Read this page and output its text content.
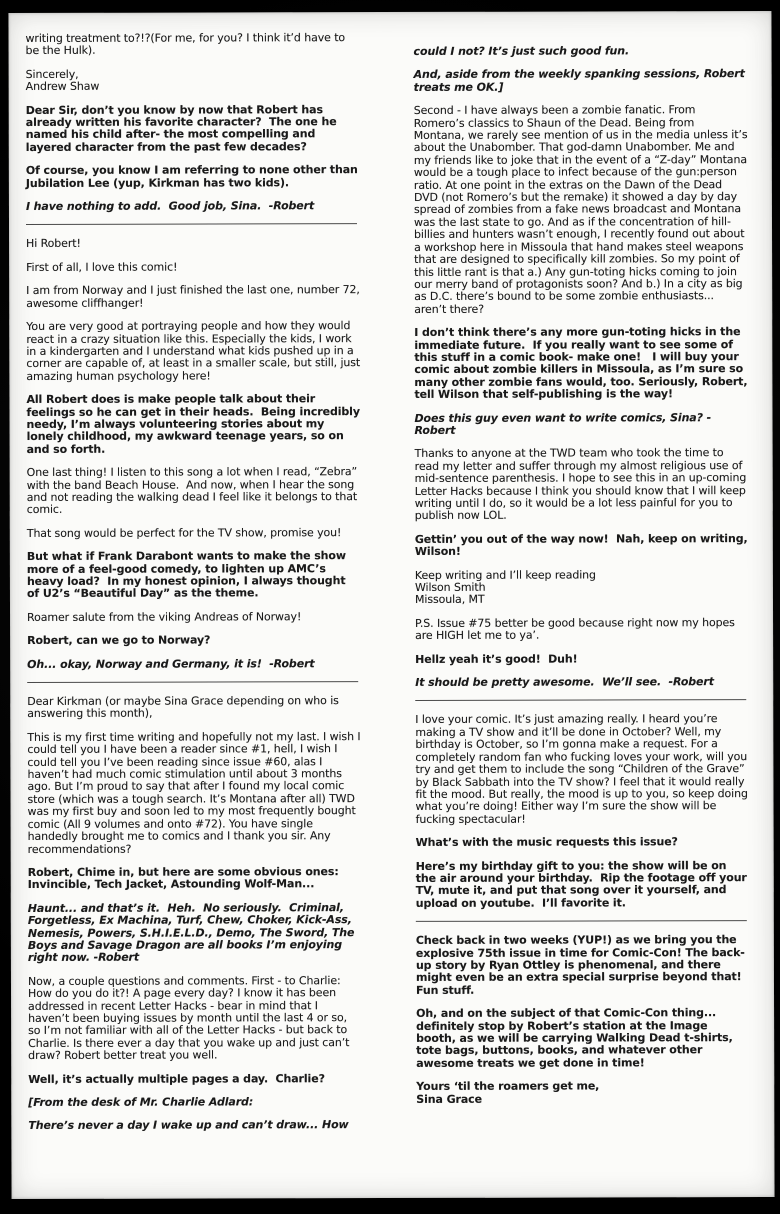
writing treatment to?!?(For me, for you? I think it’d have to be the Hulk).

Sincerely,
Andrew Shaw

Dear Sir, don’t you know by now that Robert has already written his favorite character?  The one he named his child after- the most compelling and layered character from the past few decades?

Of course, you know I am referring to none other than Jubilation Lee (yup, Kirkman has two kids).

I have nothing to add.  Good job, Sina.  -Robert

Hi Robert!

First of all, I love this comic!

I am from Norway and I just finished the last one, number 72, awesome cliffhanger!

You are very good at portraying people and how they would react in a crazy situation like this. Especially the kids, I work in a kindergarten and I understand what kids pushed up in a corner are capable of, at least in a smaller scale, but still, just amazing human psychology here!

All Robert does is make people talk about their feelings so he can get in their heads.  Being incredibly needy, I’m always volunteering stories about my lonely childhood, my awkward teenage years, so on and so forth.

One last thing! I listen to this song a lot when I read, “Zebra” with the band Beach House.  And now, when I hear the song and not reading the walking dead I feel like it belongs to that comic.

That song would be perfect for the TV show, promise you!

But what if Frank Darabont wants to make the show more of a feel-good comedy, to lighten up AMC’s heavy load?  In my honest opinion, I always thought of U2’s “Beautiful Day” as the theme.

Roamer salute from the viking Andreas of Norway!

Robert, can we go to Norway?

Oh... okay, Norway and Germany, it is!  -Robert

Dear Kirkman (or maybe Sina Grace depending on who is answering this month),

This is my first time writing and hopefully not my last. I wish I could tell you I have been a reader since #1, hell, I wish I could tell you I’ve been reading since issue #60, alas I haven’t had much comic stimulation until about 3 months ago. But I’m proud to say that after I found my local comic store (which was a tough search. It’s Montana after all) TWD was my first buy and soon led to my most frequently bought comic (All 9 volumes and onto #72). You have single handedly brought me to comics and I thank you sir. Any recommendations?

Robert, Chime in, but here are some obvious ones: Invincible, Tech Jacket, Astounding Wolf-Man...

Haunt... and that’s it.  Heh.  No seriously.  Criminal, Forgetless, Ex Machina, Turf, Chew, Choker, Kick-Ass, Nemesis, Powers, S.H.I.E.L.D., Demo, The Sword, The Boys and Savage Dragon are all books I’m enjoying right now. -Robert

Now, a couple questions and comments. First - to Charlie: How do you do it?! A page every day? I know it has been addressed in recent Letter Hacks - bear in mind that I haven’t been buying issues by month until the last 4 or so, so I’m not familiar with all of the Letter Hacks - but back to Charlie. Is there ever a day that you wake up and just can’t draw? Robert better treat you well.

Well, it’s actually multiple pages a day.  Charlie?

[From the desk of Mr. Charlie Adlard:

There’s never a day I wake up and can’t draw... How

could I not? It’s just such good fun.

And, aside from the weekly spanking sessions, Robert treats me OK.]

Second - I have always been a zombie fanatic. From Romero’s classics to Shaun of the Dead. Being from Montana, we rarely see mention of us in the media unless it’s about the Unabomber. That god-damn Unabomber. Me and my friends like to joke that in the event of a “Z-day” Montana would be a tough place to infect because of the gun:person ratio. At one point in the extras on the Dawn of the Dead DVD (not Romero’s but the remake) it showed a day by day spread of zombies from a fake news broadcast and Montana was the last state to go. And as if the concentration of hill-billies and hunters wasn’t enough, I recently found out about a workshop here in Missoula that hand makes steel weapons that are designed to specifically kill zombies. So my point of this little rant is that a.) Any gun-toting hicks coming to join our merry band of protagonists soon? And b.) In a city as big as D.C. there’s bound to be some zombie enthusiasts... aren’t there?

I don’t think there’s any more gun-toting hicks in the immediate future.  If you really want to see some of this stuff in a comic book- make one!   I will buy your comic about zombie killers in Missoula, as I’m sure so many other zombie fans would, too. Seriously, Robert, tell Wilson that self-publishing is the way!

Does this guy even want to write comics, Sina? -Robert

Thanks to anyone at the TWD team who took the time to read my letter and suffer through my almost religious use of mid-sentence parenthesis. I hope to see this in an up-coming Letter Hacks because I think you should know that I will keep writing until I do, so it would be a lot less painful for you to publish now LOL.

Gettin’ you out of the way now!  Nah, keep on writing, Wilson!

Keep writing and I’ll keep reading
Wilson Smith
Missoula, MT

P.S. Issue #75 better be good because right now my hopes are HIGH let me to ya’.

Hellz yeah it’s good!  Duh!

It should be pretty awesome.  We’ll see.  -Robert

I love your comic. It’s just amazing really. I heard you’re making a TV show and it’ll be done in October? Well, my birthday is October, so I’m gonna make a request. For a completely random fan who fucking loves your work, will you try and get them to include the song “Children of the Grave” by Black Sabbath into the TV show? I feel that it would really fit the mood. But really, the mood is up to you, so keep doing what you’re doing! Either way I’m sure the show will be fucking spectacular!

What’s with the music requests this issue?

Here’s my birthday gift to you: the show will be on the air around your birthday.  Rip the footage off your TV, mute it, and put that song over it yourself, and upload on youtube.  I’ll favorite it.

Check back in two weeks (YUP!) as we bring you the explosive 75th issue in time for Comic-Con! The back-up story by Ryan Ottley is phenomenal, and there might even be an extra special surprise beyond that!  Fun stuff.

Oh, and on the subject of that Comic-Con thing... definitely stop by Robert’s station at the Image booth, as we will be carrying Walking Dead t-shirts, tote bags, buttons, books, and whatever other awesome treats we get done in time!

Yours ‘til the roamers get me,
Sina Grace
